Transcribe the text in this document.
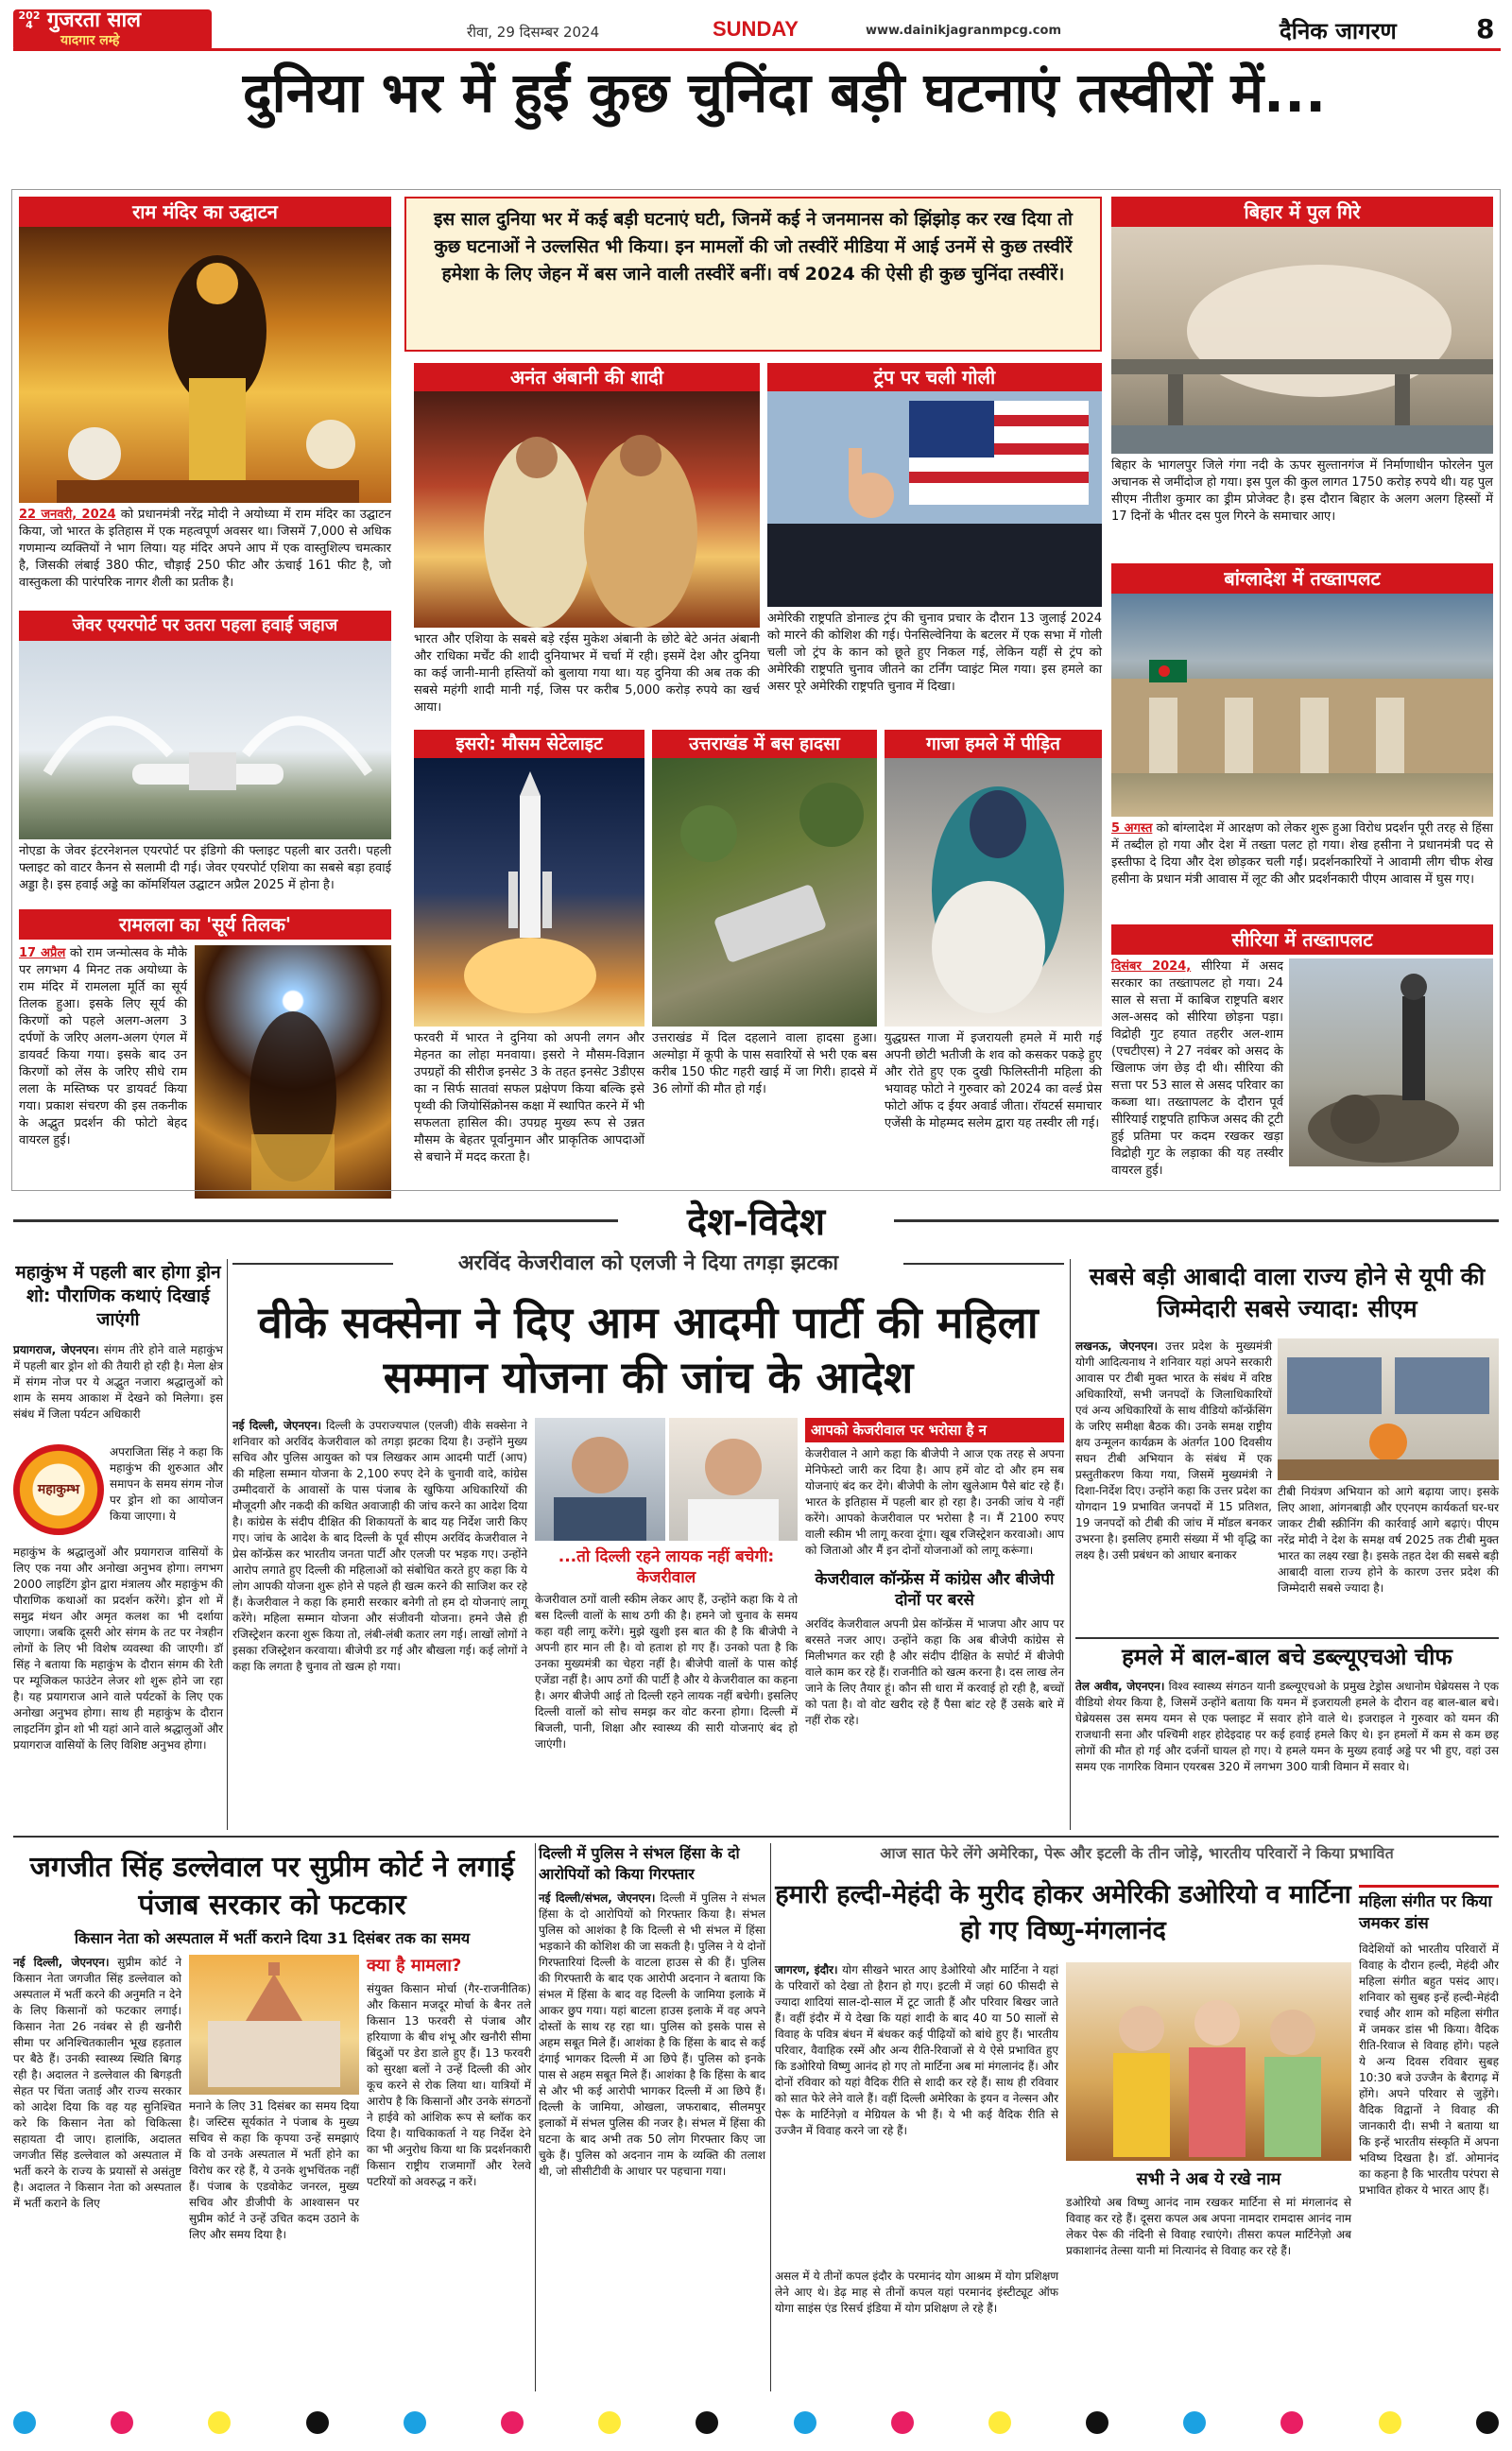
2024 गुजरता साल
यादगार लम्हे	रीवा, 29 दिसम्बर 2024	SUNDAY	www.dainikjagranmpcg.com	दैनिक जागरण	8
दुनिया भर में हुईं कुछ चुनिंदा बड़ी घटनाएं तस्वीरों में...
राम मंदिर का उद्घाटन
22 जनवरी, 2024 को प्रधानमंत्री नरेंद्र मोदी ने अयोध्या में राम मंदिर का उद्घाटन किया, जो भारत के इतिहास में एक महत्वपूर्ण अवसर था। जिसमें 7,000 से अधिक गणमान्य व्यक्तियों ने भाग लिया। यह मंदिर अपने आप में एक वास्तुशिल्प चमत्कार है, जिसकी लंबाई 380 फीट, चौड़ाई 250 फीट और ऊंचाई 161 फीट है, जो वास्तुकला की पारंपरिक नागर शैली का प्रतीक है।
जेवर एयरपोर्ट पर उतरा पहला हवाई जहाज
नोएडा के जेवर इंटरनेशनल एयरपोर्ट पर इंडिगो की फ्लाइट पहली बार उतरी। पहली फ्लाइट को वाटर कैनन से सलामी दी गई। जेवर एयरपोर्ट एशिया का सबसे बड़ा हवाई अड्डा है। इस हवाई अड्डे का कॉमर्शियल उद्घाटन अप्रैल 2025 में होना है।
रामलला का 'सूर्य तिलक'
17 अप्रैल को राम जन्मोत्सव के मौके पर लगभग 4 मिनट तक अयोध्या के राम मंदिर में रामलला मूर्ति का सूर्य तिलक हुआ। इसके लिए सूर्य की किरणों को पहले अलग-अलग 3 दर्पणों के जरिए अलग-अलग एंगल में डायवर्ट किया गया। इसके बाद उन किरणों को लेंस के जरिए सीधे राम लला के मस्तिष्क पर डायवर्ट किया गया। प्रकाश संचरण की इस तकनीक के अद्भुत प्रदर्शन की फोटो बेहद वायरल हुई।
इस साल दुनिया भर में कई बड़ी घटनाएं घटी, जिनमें कई ने जनमानस को झिंझोड़ कर रख दिया तो कुछ घटनाओं ने उल्लसित भी किया। इन मामलों की जो तस्वीरें मीडिया में आई उनमें से कुछ तस्वीरें हमेशा के लिए जेहन में बस जाने वाली तस्वीरें बनीं। वर्ष 2024 की ऐसी ही कुछ चुनिंदा तस्वीरें।
अनंत अंबानी की शादी
भारत और एशिया के सबसे बड़े रईस मुकेश अंबानी के छोटे बेटे अनंत अंबानी और राधिका मर्चेंट की शादी दुनियाभर में चर्चा में रही। इसमें देश और दुनिया का कई जानी-मानी हस्तियों को बुलाया गया था। यह दुनिया की अब तक की सबसे महंगी शादी मानी गई, जिस पर करीब 5,000 करोड़ रुपये का खर्च आया।
ट्रंप पर चली गोली
अमेरिकी राष्ट्रपति डोनाल्ड ट्रंप की चुनाव प्रचार के दौरान 13 जुलाई 2024 को मारने की कोशिश की गई। पेनसिल्वेनिया के बटलर में एक सभा में गोली चली जो ट्रंप के कान को छूते हुए निकल गई, लेकिन यहीं से ट्रंप को अमेरिकी राष्ट्रपति चुनाव जीतने का टर्निंग प्वाइंट मिल गया। इस हमले का असर पूरे अमेरिकी राष्ट्रपति चुनाव में दिखा।
बिहार में पुल गिरे
बिहार के भागलपुर जिले गंगा नदी के ऊपर सुल्तानगंज में निर्माणाधीन फोरलेन पुल अचानक से जमींदोज हो गया। इस पुल की कुल लागत 1750 करोड़ रुपये थी। यह पुल सीएम नीतीश कुमार का ड्रीम प्रोजेक्ट है। इस दौरान बिहार के अलग अलग हिस्सों में 17 दिनों के भीतर दस पुल गिरने के समाचार आए।
बांग्लादेश में तख्तापलट
5 अगस्त को बांग्लादेश में आरक्षण को लेकर शुरू हुआ विरोध प्रदर्शन पूरी तरह से हिंसा में तब्दील हो गया और देश में तख्ता पलट हो गया। शेख हसीना ने प्रधानमंत्री पद से इस्तीफा दे दिया और देश छोड़कर चली गईं। प्रदर्शनकारियों ने आवामी लीग चीफ शेख हसीना के प्रधान मंत्री आवास में लूट की और प्रदर्शनकारी पीएम आवास में घुस गए।
इसरो: मौसम सेटेलाइट
फरवरी में भारत ने दुनिया को अपनी लगन और मेहनत का लोहा मनवाया। इसरो ने मौसम-विज्ञान उपग्रहों की सीरीज इनसेट 3 के तहत इनसेट 3डीएस का न सिर्फ सातवां सफल प्रक्षेपण किया बल्कि इसे पृथ्वी की जियोसिंक्रोनस कक्षा में स्थापित करने में भी सफलता हासिल की। उपग्रह मुख्य रूप से उन्नत मौसम के बेहतर पूर्वानुमान और प्राकृतिक आपदाओं से बचाने में मदद करता है।
उत्तराखंड में बस हादसा
उत्तराखंड में दिल दहलाने वाला हादसा हुआ। अल्मोड़ा में कूपी के पास सवारियों से भरी एक बस करीब 150 फीट गहरी खाई में जा गिरी। हादसे में 36 लोगों की मौत हो गई।
गाजा हमले में पीड़ित
युद्धग्रस्त गाजा में इजरायली हमले में मारी गई अपनी छोटी भतीजी के शव को कसकर पकड़े हुए और रोते हुए एक दुखी फिलिस्तीनी महिला की भयावह फोटो ने गुरुवार को 2024 का वर्ल्ड प्रेस फोटो ऑफ द ईयर अवार्ड जीता। रॉयटर्स समाचार एजेंसी के मोहम्मद सलेम द्वारा यह तस्वीर ली गई।
सीरिया में तख्तापलट
दिसंबर 2024, सीरिया में असद सरकार का तख्तापलट हो गया। 24 साल से सत्ता में काबिज राष्ट्रपति बशर अल-असद को सीरिया छोड़ना पड़ा। विद्रोही गुट हयात तहरीर अल-शाम (एचटीएस) ने 27 नवंबर को असद के खिलाफ जंग छेड़ दी थी। सीरिया की सत्ता पर 53 साल से असद परिवार का कब्जा था। तख्तापलट के दौरान पूर्व सीरियाई राष्ट्रपति हाफिज असद की टूटी हुई प्रतिमा पर कदम रखकर खड़ा विद्रोही गुट के लड़ाका की यह तस्वीर वायरल हुई।
देश-विदेश
महाकुंभ में पहली बार होगा ड्रोन शो: पौराणिक कथाएं दिखाई जाएंगी
प्रयागराज, जेएनएन। संगम तीरे होने वाले महाकुंभ में पहली बार ड्रोन शो की तैयारी हो रही है। मेला क्षेत्र में संगम नोज पर ये अद्भुत नजारा श्रद्धालुओं को शाम के समय आकाश में देखने को मिलेगा। इस संबंध में जिला पर्यटन अधिकारी
महाकुम्भ
अपराजिता सिंह ने कहा कि महाकुंभ की शुरुआत और समापन के समय संगम नोज पर ड्रोन शो का आयोजन किया जाएगा। ये
महाकुंभ के श्रद्धालुओं और प्रयागराज वासियों के लिए एक नया और अनोखा अनुभव होगा। लगभग 2000 लाइटिंग ड्रोन द्वारा मंत्रालय और महाकुंभ की पौराणिक कथाओं का प्रदर्शन करेंगे। ड्रोन शो में समुद्र मंथन और अमृत कलश का भी दर्शाया जाएगा। जबकि दूसरी ओर संगम के तट पर नेत्रहीन लोगों के लिए भी विशेष व्यवस्था की जाएगी। डॉ सिंह ने बताया कि महाकुंभ के दौरान संगम की रेती पर म्यूजिकल फाउंटेन लेजर शो शुरू होने जा रहा है। यह प्रयागराज आने वाले पर्यटकों के लिए एक अनोखा अनुभव होगा। साथ ही महाकुंभ के दौरान लाइटनिंग ड्रोन शो भी यहां आने वाले श्रद्धालुओं और प्रयागराज वासियों के लिए विशिष्ट अनुभव होगा।
अरविंद केजरीवाल को एलजी ने दिया तगड़ा झटका
वीके सक्सेना ने दिए आम आदमी पार्टी की महिला सम्मान योजना की जांच के आदेश
नई दिल्ली, जेएनएन। दिल्ली के उपराज्यपाल (एलजी) वीके सक्सेना ने शनिवार को अरविंद केजरीवाल को तगड़ा झटका दिया है। उन्होंने मुख्य सचिव और पुलिस आयुक्त को पत्र लिखकर आम आदमी पार्टी (आप) की महिला सम्मान योजना के 2,100 रुपए देने के चुनावी वादे, कांग्रेस उम्मीदवारों के आवासों के पास पंजाब के खुफिया अधिकारियों की मौजूदगी और नकदी की कथित अवाजाही की जांच करने का आदेश दिया है। कांग्रेस के संदीप दीक्षित की शिकायतों के बाद यह निर्देश जारी किए गए। जांच के आदेश के बाद दिल्ली के पूर्व सीएम अरविंद केजरीवाल ने प्रेस कॉन्फ्रेंस कर भारतीय जनता पार्टी और एलजी पर भड़क गए। उन्होंने आरोप लगाते हुए दिल्ली की महिलाओं को संबोधित करते हुए कहा कि ये लोग आपकी योजना शुरू होने से पहले ही खत्म करने की साजिश कर रहे हैं। केजरीवाल ने कहा कि हमारी सरकार बनेगी तो हम दो योजनाएं लागू करेंगे। महिला सम्मान योजना और संजीवनी योजना। हमने जैसे ही रजिस्ट्रेशन करना शुरू किया तो, लंबी-लंबी कतार लग गई। लाखों लोगों ने इसका रजिस्ट्रेशन करवाया। बीजेपी डर गई और बौखला गई। कई लोगों ने कहा कि लगता है चुनाव तो खत्म हो गया।
...तो दिल्ली रहने लायक नहीं बचेगी: केजरीवाल
केजरीवाल ठगों वाली स्कीम लेकर आए हैं, उन्होंने कहा कि ये तो बस दिल्ली वालों के साथ ठगी की है। हमने जो चुनाव के समय कहा वही लागू करेंगे। मुझे खुशी इस बात की है कि बीजेपी ने अपनी हार मान ली है। वो हताश हो गए हैं। उनको पता है कि उनका मुख्यमंत्री का चेहरा नहीं है। बीजेपी वालों के पास कोई एजेंडा नहीं है। आप ठगों की पार्टी है और ये केजरीवाल का कहना है। अगर बीजेपी आई तो दिल्ली रहने लायक नहीं बचेगी। इसलिए दिल्ली वालों को सोच समझ कर वोट करना होगा। दिल्ली में बिजली, पानी, शिक्षा और स्वास्थ्य की सारी योजनाएं बंद हो जाएंगी।
आपको केजरीवाल पर भरोसा है न
केजरीवाल ने आगे कहा कि बीजेपी ने आज एक तरह से अपना मेनिफेस्टो जारी कर दिया है। आप हमें वोट दो और हम सब योजनाएं बंद कर देंगे। बीजेपी के लोग खुलेआम पैसे बांट रहे हैं। भारत के इतिहास में पहली बार हो रहा है। उनकी जांच ये नहीं करेंगे। आपको केजरीवाल पर भरोसा है न। मैं 2100 रुपए वाली स्कीम भी लागू करवा दूंगा। खूब रजिस्ट्रेशन करवाओ। आप को जिताओ और मैं इन दोनों योजनाओं को लागू करूंगा।
केजरीवाल कॉन्फ्रेंस में कांग्रेस और बीजेपी दोनों पर बरसे
अरविंद केजरीवाल अपनी प्रेस कॉन्फ्रेंस में भाजपा और आप पर बरसते नजर आए। उन्होंने कहा कि अब बीजेपी कांग्रेस से मिलीभगत कर रही है और संदीप दीक्षित के सपोर्ट में बीजेपी वाले काम कर रहे हैं। राजनीति को खत्म करना है। दस लाख लेन जाने के लिए तैयार हूं। कौन सी धारा में करवाई हो रही है, बच्चों को पता है। वो वोट खरीद रहे हैं पैसा बांट रहे हैं उसके बारे में नहीं रोक रहे।
सबसे बड़ी आबादी वाला राज्य होने से यूपी की जिम्मेदारी सबसे ज्यादा: सीएम
लखनऊ, जेएनएन। उत्तर प्रदेश के मुख्यमंत्री योगी आदित्यनाथ ने शनिवार यहां अपने सरकारी आवास पर टीबी मुक्त भारत के संबंध में वरिष्ठ अधिकारियों, सभी जनपदों के जिलाधिकारियों एवं अन्य अधिकारियों के साथ वीडियो कॉन्फ्रेंसिंग के जरिए समीक्षा बैठक की। उनके समक्ष राष्ट्रीय क्षय उन्मूलन कार्यक्रम के अंतर्गत 100 दिवसीय सघन टीबी अभियान के संबंध में एक प्रस्तुतीकरण किया गया, जिसमें मुख्यमंत्री ने दिशा-निर्देश दिए। उन्होंने कहा कि उत्तर प्रदेश का योगदान 19 प्रभावित जनपदों में 15 प्रतिशत, 19 जनपदों को टीबी की जांच में मॉडल बनकर उभरना है। इसलिए हमारी संख्या में भी वृद्धि का लक्ष्य है। उसी प्रबंधन को आधार बनाकर
टीबी नियंत्रण अभियान को आगे बढ़ाया जाए। इसके लिए आशा, आंगनबाड़ी और एएनएम कार्यकर्ता घर-घर जाकर टीबी स्क्रीनिंग की कार्रवाई आगे बढ़ाएं। पीएम नरेंद्र मोदी ने देश के समक्ष वर्ष 2025 तक टीबी मुक्त भारत का लक्ष्य रखा है। इसके तहत देश की सबसे बड़ी आबादी वाला राज्य होने के कारण उत्तर प्रदेश की जिम्मेदारी सबसे ज्यादा है।
हमले में बाल-बाल बचे डब्ल्यूएचओ चीफ
तेल अवीव, जेएनएन। विश्व स्वास्थ्य संगठन यानी डब्ल्यूएचओ के प्रमुख टेड्रोस अधानोम घेब्रेयसस ने एक वीडियो शेयर किया है, जिसमें उन्होंने बताया कि यमन में इजरायली हमले के दौरान वह बाल-बाल बचे। घेब्रेयसस उस समय यमन से एक फ्लाइट में सवार होने वाले थे। इजराइल ने गुरुवार को यमन की राजधानी सना और पश्चिमी शहर होदेइदाह पर कई हवाई हमले किए थे। इन हमलों में कम से कम छह लोगों की मौत हो गई और दर्जनों घायल हो गए। ये हमले यमन के मुख्य हवाई अड्डे पर भी हुए, वहां उस समय एक नागरिक विमान एयरबस 320 में लगभग 300 यात्री विमान में सवार थे।
जगजीत सिंह डल्लेवाल पर सुप्रीम कोर्ट ने लगाई पंजाब सरकार को फटकार
किसान नेता को अस्पताल में भर्ती कराने दिया 31 दिसंबर तक का समय
नई दिल्ली, जेएनएन। सुप्रीम कोर्ट ने किसान नेता जगजीत सिंह डल्लेवाल को अस्पताल में भर्ती करने की अनुमति न देने के लिए किसानों को फटकार लगाई। किसान नेता 26 नवंबर से ही खनौरी सीमा पर अनिश्चितकालीन भूख हड़ताल पर बैठे हैं। उनकी स्वास्थ्य स्थिति बिगड़ रही है। अदालत ने डल्लेवाल की बिगड़ती सेहत पर चिंता जताई और राज्य सरकार को आदेश दिया कि वह यह सुनिश्चित करे कि किसान नेता को चिकित्सा सहायता दी जाए। हालांकि, अदालत जगजीत सिंह डल्लेवाल को अस्पताल में भर्ती करने के राज्य के प्रयासों से असंतुष्ट है। अदालत ने किसान नेता को अस्पताल में भर्ती कराने के लिए
मनाने के लिए 31 दिसंबर का समय दिया है। जस्टिस सूर्यकांत ने पंजाब के मुख्य सचिव से कहा कि कृपया उन्हें समझाएं कि वो उनके अस्पताल में भर्ती होने का विरोध कर रहे हैं, ये उनके शुभचिंतक नहीं हैं। पंजाब के एडवोकेट जनरल, मुख्य सचिव और डीजीपी के आश्वासन पर सुप्रीम कोर्ट ने उन्हें उचित कदम उठाने के लिए और समय दिया है।
क्या है मामला?
संयुक्त किसान मोर्चा (गैर-राजनीतिक) और किसान मजदूर मोर्चा के बैनर तले किसान 13 फरवरी से पंजाब और हरियाणा के बीच शंभू और खनौरी सीमा बिंदुओं पर डेरा डाले हुए हैं। 13 फरवरी को सुरक्षा बलों ने उन्हें दिल्ली की ओर कूच करने से रोक लिया था। यात्रियों में आरोप है कि किसानों और उनके संगठनों ने हाईवे को आंशिक रूप से ब्लॉक कर दिया है। याचिकाकर्ता ने यह निर्देश देने का भी अनुरोध किया था कि प्रदर्शनकारी किसान राष्ट्रीय राजमार्गों और रेलवे पटरियों को अवरुद्ध न करें।
दिल्ली में पुलिस ने संभल हिंसा के दो आरोपियों को किया गिरफ्तार
नई दिल्ली/संभल, जेएनएन। दिल्ली में पुलिस ने संभल हिंसा के दो आरोपियों को गिरफ्तार किया है। संभल पुलिस को आशंका है कि दिल्ली से भी संभल में हिंसा भड़काने की कोशिश की जा सकती है। पुलिस ने ये दोनों गिरफ्तारियां दिल्ली के वाटला हाउस से की हैं। पुलिस की गिरफ्तारी के बाद एक आरोपी अदनान ने बताया कि संभल में हिंसा के बाद वह दिल्ली के जामिया इलाके में आकर छुप गया। यहां बाटला हाउस इलाके में वह अपने दोस्तों के साथ रह रहा था। पुलिस को इसके पास से अहम सबूत मिले हैं। आशंका है कि हिंसा के बाद से कई दंगाई भागकर दिल्ली में आ छिपे हैं। पुलिस को इनके पास से अहम सबूत मिले हैं। आशंका है कि हिंसा के बाद से और भी कई आरोपी भागकर दिल्ली में आ छिपे हैं। दिल्ली के जामिया, ओखला, जफराबाद, सीलमपुर इलाकों में संभल पुलिस की नजर है। संभल में हिंसा की घटना के बाद अभी तक 50 लोग गिरफ्तार किए जा चुके हैं। पुलिस को अदनान नाम के व्यक्ति की तलाश थी, जो सीसीटीवी के आधार पर पहचाना गया।
आज सात फेरे लेंगे अमेरिका, पेरू और इटली के तीन जोड़े, भारतीय परिवारों ने किया प्रभावित
हमारी हल्दी-मेहंदी के मुरीद होकर अमेरिकी डओरियो व मार्टिना हो गए विष्णु-मंगलानंद
जागरण, इंदौर। योग सीखने भारत आए डेओरियो और मार्टिना ने यहां के परिवारों को देखा तो हैरान हो गए। इटली में जहां 60 फीसदी से ज्यादा शादियां साल-दो-साल में टूट जाती हैं और परिवार बिखर जाते हैं। वहीं इंदौर में ये देखा कि यहां शादी के बाद 40 या 50 सालों से विवाह के पवित्र बंधन में बंधकर कई पीढ़ियों को बांधे हुए हैं। भारतीय परिवार, वैवाहिक रस्में और अन्य रीति-रिवाजों से ये ऐसे प्रभावित हुए कि डओरियो विष्णु आनंद हो गए तो मार्टिना अब मां मंगलानंद हैं। और दोनों रविवार को यहां वैदिक रीति से शादी कर रहे हैं। साथ ही रविवार को सात फेरे लेने वाले हैं। वहीं दिल्ली अमेरिका के इयन व नेल्सन और पेरू के मार्टिनेज़ो व मेग्रियल के भी हैं। ये भी कई वैदिक रीति से उज्जैन में विवाह करने जा रहे हैं।
असल में ये तीनों कपल इंदौर के परमानंद योग आश्रम में योग प्रशिक्षण लेने आए थे। डेढ़ माह से तीनों कपल यहां परमानंद इंस्टीट्यूट ऑफ योगा साइंस एंड रिसर्च इंडिया में योग प्रशिक्षण ले रहे हैं।
सभी ने अब ये रखे नाम
डओरियो अब विष्णु आनंद नाम रखकर मार्टिना से मां मंगलानंद से विवाह कर रहे हैं। दूसरा कपल अब अपना नामदार रामदास आनंद नाम लेकर पेरू की नंदिनी से विवाह रचाएंगे। तीसरा कपल मार्टिनेज़ो अब प्रकाशानंद तेल्सा यानी मां नित्यानंद से विवाह कर रहे हैं।
महिला संगीत पर किया जमकर डांस
विदेशियों को भारतीय परिवारों में विवाह के दौरान हल्दी, मेहंदी और महिला संगीत बहुत पसंद आए। शनिवार को सुबह इन्हें हल्दी-मेहंदी रचाई और शाम को महिला संगीत में जमकर डांस भी किया। वैदिक रीति-रिवाज से विवाह होंगे। पहले ये अन्य दिवस रविवार सुबह 10:30 बजे उज्जैन के बैरागढ़ में होंगे। अपने परिवार से जुड़ेंगे। वैदिक विद्वानों ने विवाह की जानकारी दी। सभी ने बताया था कि इन्हें भारतीय संस्कृति में अपना भविष्य दिखता है। डॉ. ओमानंद का कहना है कि भारतीय परंपरा से प्रभावित होकर ये भारत आए हैं।
